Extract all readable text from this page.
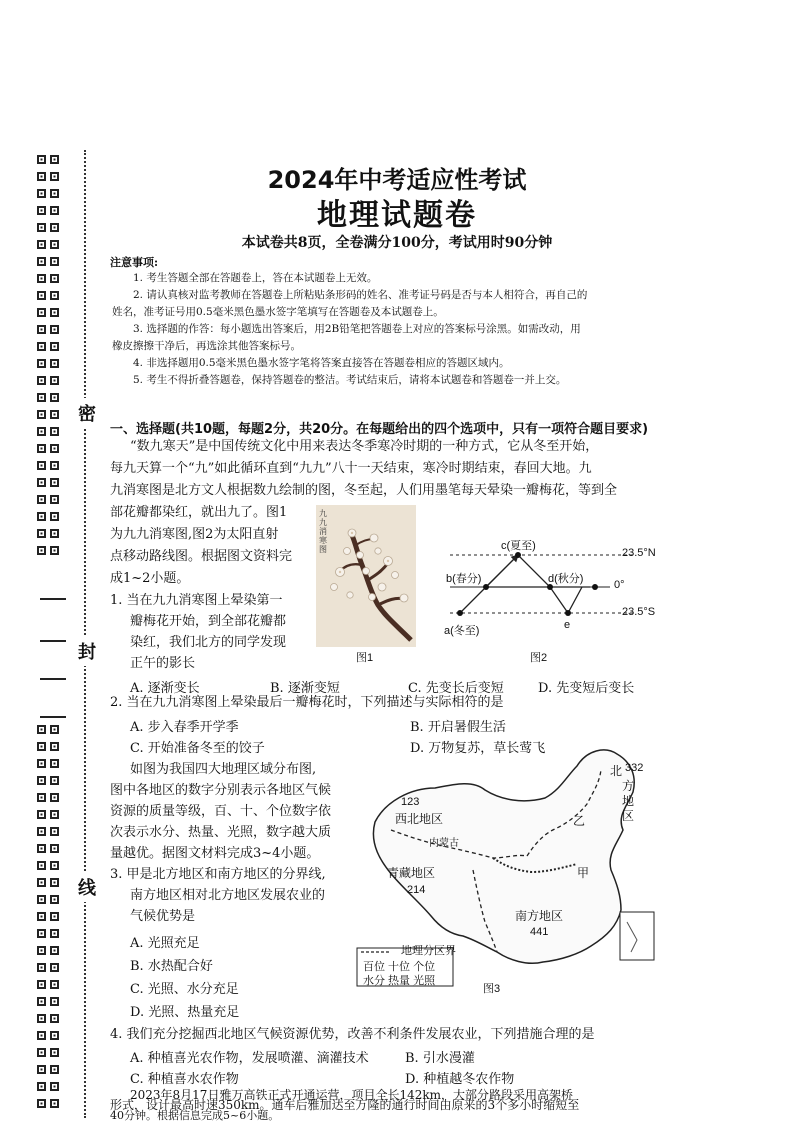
密
封
线
2024年中考适应性考试
地理试题卷
本试卷共8页，全卷满分100分，考试用时90分钟
注意事项:
1. 考生答题全部在答题卷上，答在本试题卷上无效。
2. 请认真核对监考教师在答题卷上所粘贴条形码的姓名、准考证号码是否与本人相符合，再自己的
姓名，准考证号用0.5毫米黑色墨水签字笔填写在答题卷及本试题卷上。
3. 选择题的作答：每小题选出答案后，用2B铅笔把答题卷上对应的答案标号涂黑。如需改动，用
橡皮擦擦干净后，再选涂其他答案标号。
4. 非选择题用0.5毫米黑色墨水签字笔将答案直接答在答题卷相应的答题区域内。
5. 考生不得折叠答题卷，保持答题卷的整洁。考试结束后，请将本试题卷和答题卷一并上交。
一、选择题(共10题，每题2分，共20分。在每题给出的四个选项中，只有一项符合题目要求)
“数九寒天”是中国传统文化中用来表达冬季寒冷时期的一种方式，它从冬至开始，
每九天算一个“九”如此循环直到“九九”八十一天结束，寒冷时期结束，春回大地。九
九消寒图是北方文人根据数九绘制的图，冬至起，人们用墨笔每天晕染一瓣梅花，等到全
部花瓣都染红，就出九了。图1
为九九消寒图,图2为太阳直射
点移动路线图。根据图文资料完
成1~2小题。
1. 当在九九消寒图上晕染第一
瓣梅花开始，到全部花瓣都
染红，我们北方的同学发现
正午的影长
A. 逐渐变长	B. 逐渐变短	C. 先变长后变短	D. 先变短后变长
九九消寒图
图1
c(夏至)
b(春分)	d(秋分)
a(冬至)	e
23.5°N
0°
23.5°S
图2
2. 当在九九消寒图上晕染最后一瓣梅花时，下列描述与实际相符的是
A. 步入春季开学季	B. 开启暑假生活
C. 开始准备冬至的饺子	D. 万物复苏，草长莺飞
如图为我国四大地理区域分布图,
图中各地区的数字分别表示各地区气候
资源的质量等级，百、十、个位数字依
次表示水分、热量、光照，数字越大质
量越优。据图文材料完成3~4小题。
3. 甲是北方地区和南方地区的分界线,
南方地区相对北方地区发展农业的
气候优势是
A. 光照充足
B. 水热配合好
C. 光照、水分充足
D. 光照、热量充足
123
西北地区
内蒙古
青藏地区
214
南方地区
441
332
北
方
地
区
甲
乙
地理分区界
百位 十位 个位
水分 热量 光照
图3
4. 我们充分挖掘西北地区气候资源优势，改善不利条件发展农业，下列措施合理的是
A. 种植喜光农作物，发展喷灌、滴灌技术	B. 引水漫灌
C. 种植喜水农作物	D. 种植越冬农作物
2023年8月17日雅万高铁正式开通运营，项目全长142km，大部分路段采用高架桥
形式，设计最高时速350km。通车后雅加达至万隆的通行时间由原来的3个多小时缩短至
40分钟。根据信息完成5~6小题。
